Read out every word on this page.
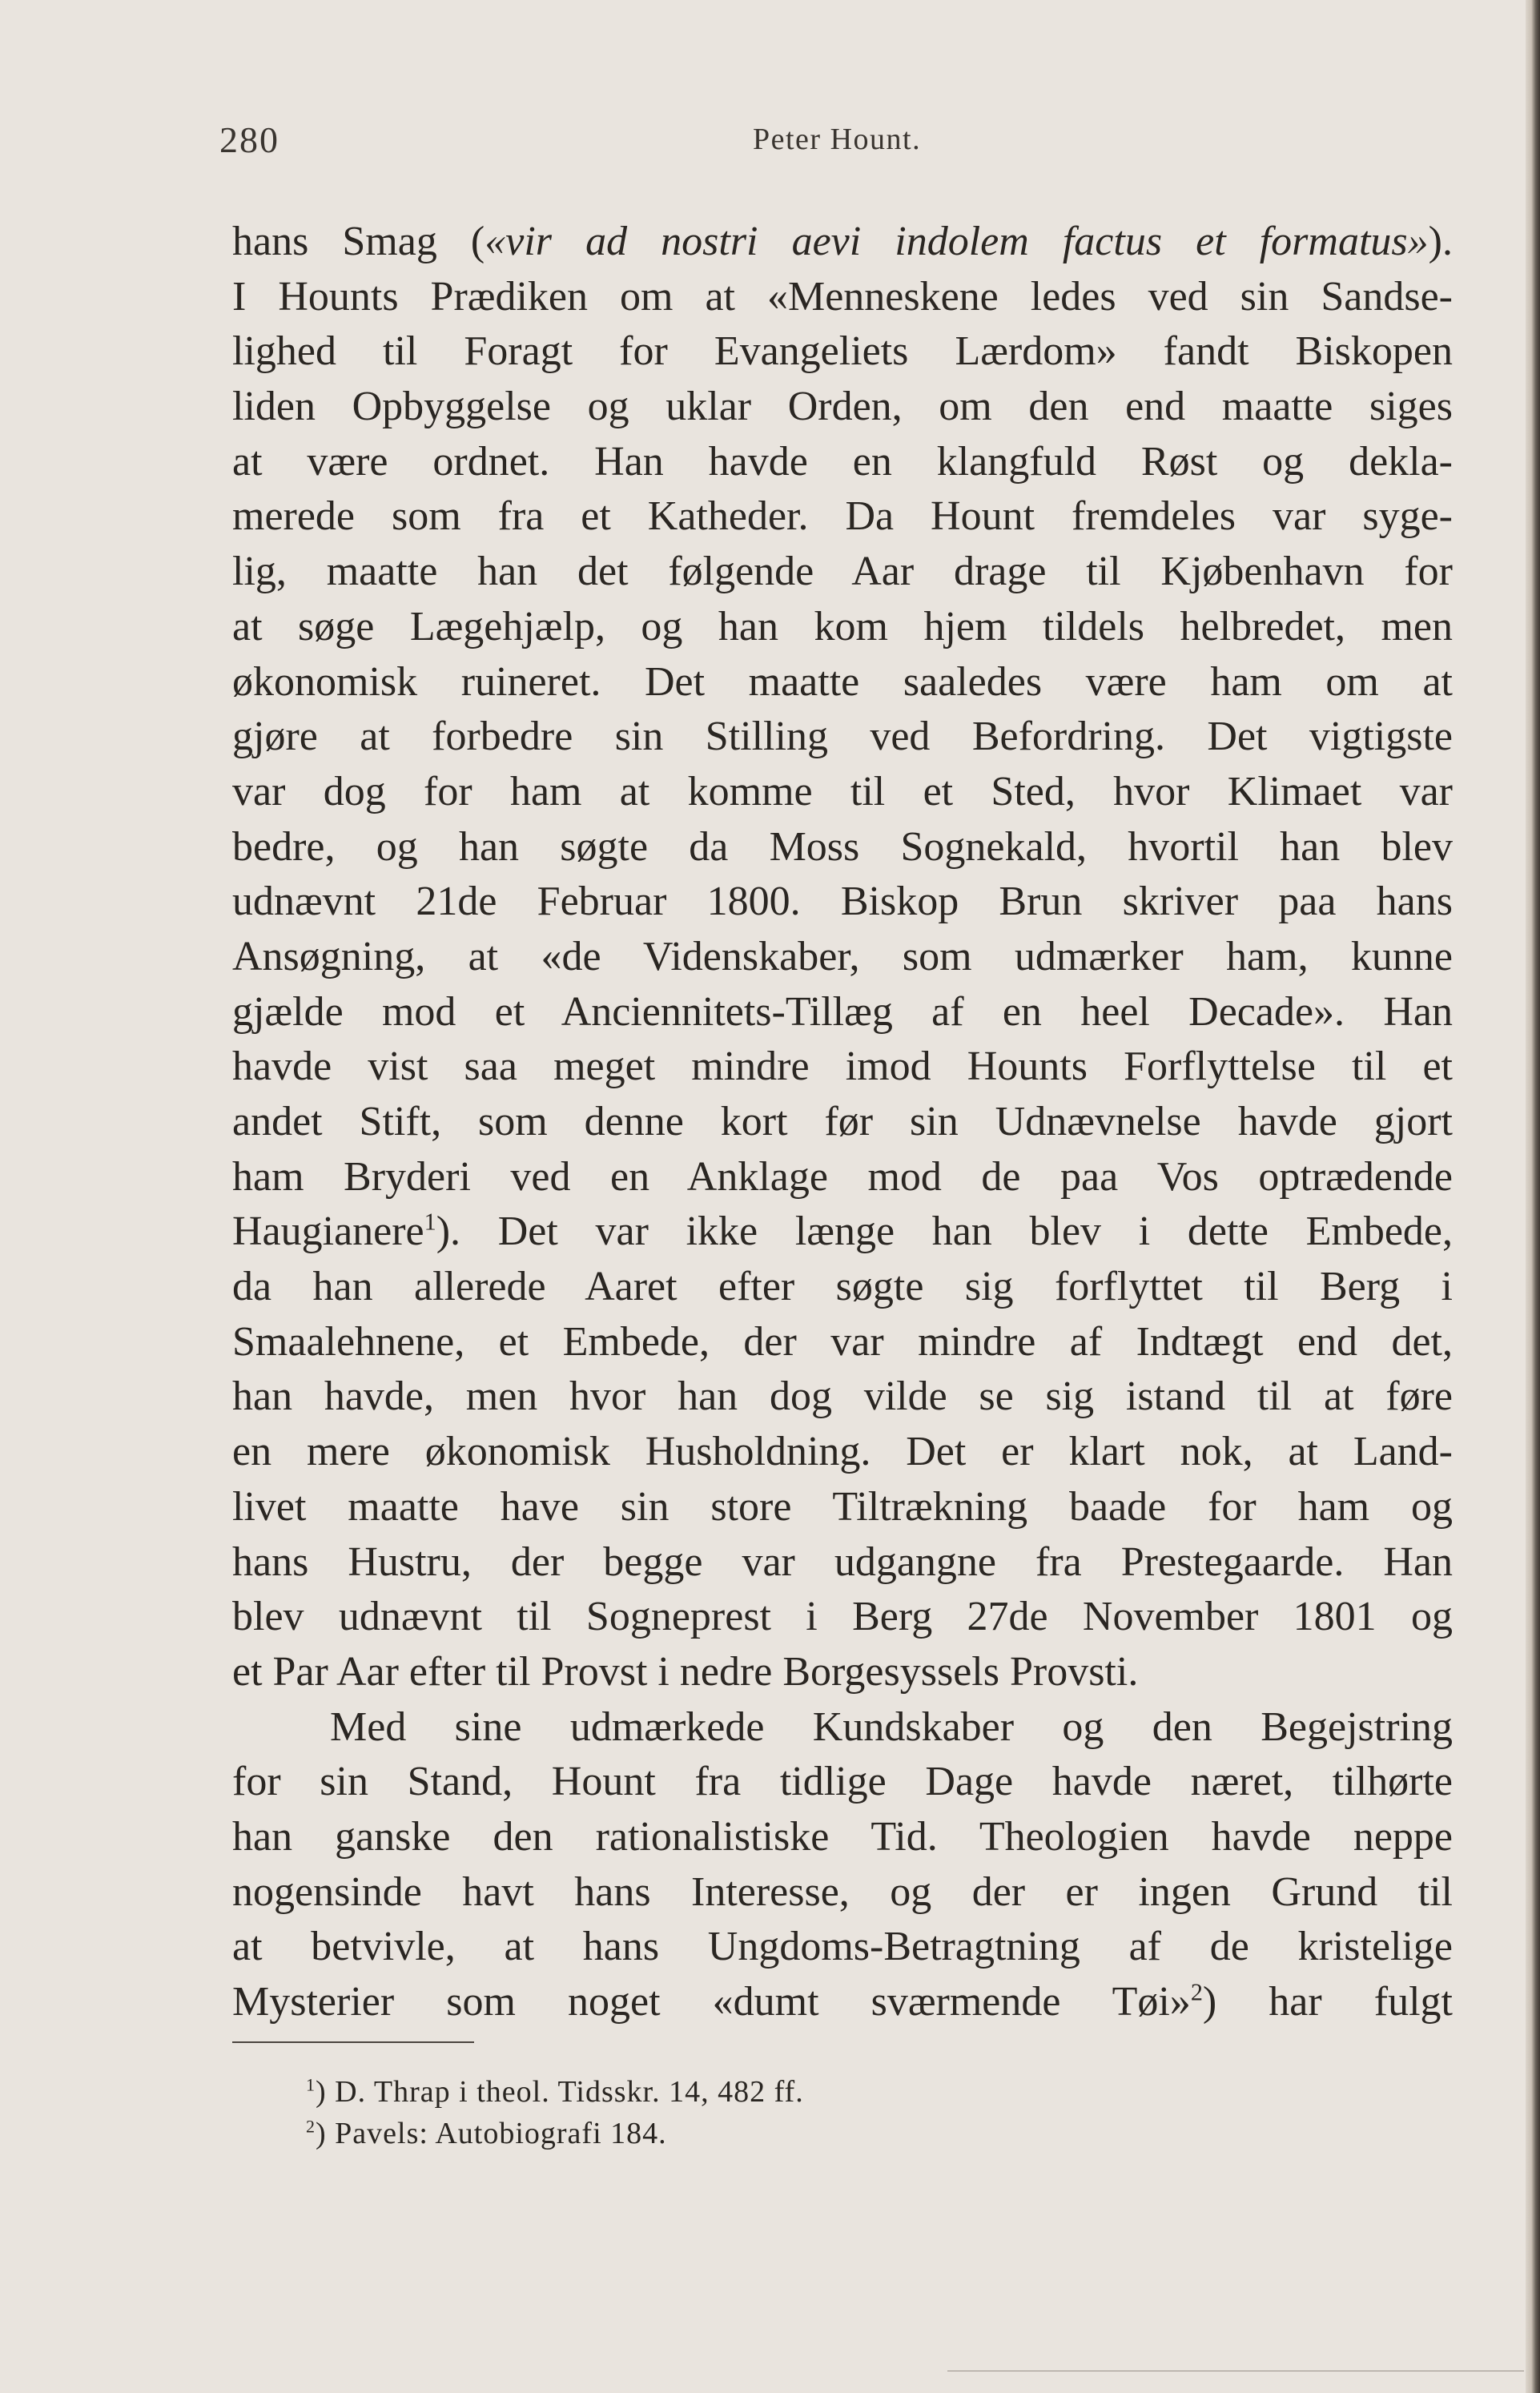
280	Peter Hount.
hans Smag («vir ad nostri aevi indolem factus et formatus»).
I Hounts Prædiken om at «Menneskene ledes ved sin Sandse-
lighed til Foragt for Evangeliets Lærdom» fandt Biskopen
liden Opbyggelse og uklar Orden, om den end maatte siges
at være ordnet. Han havde en klangfuld Røst og dekla-
merede som fra et Katheder. Da Hount fremdeles var syge-
lig, maatte han det følgende Aar drage til Kjøbenhavn for
at søge Lægehjælp, og han kom hjem tildels helbredet, men
økonomisk ruineret. Det maatte saaledes være ham om at
gjøre at forbedre sin Stilling ved Befordring. Det vigtigste
var dog for ham at komme til et Sted, hvor Klimaet var
bedre, og han søgte da Moss Sognekald, hvortil han blev
udnævnt 21de Februar 1800. Biskop Brun skriver paa hans
Ansøgning, at «de Videnskaber, som udmærker ham, kunne
gjælde mod et Anciennitets-Tillæg af en heel Decade». Han
havde vist saa meget mindre imod Hounts Forflyttelse til et
andet Stift, som denne kort før sin Udnævnelse havde gjort
ham Bryderi ved en Anklage mod de paa Vos optrædende
Haugianere$^1$). Det var ikke længe han blev i dette Embede,
da han allerede Aaret efter søgte sig forflyttet til Berg i
Smaalehnene, et Embede, der var mindre af Indtægt end det,
han havde, men hvor han dog vilde se sig istand til at føre
en mere økonomisk Husholdning. Det er klart nok, at Land-
livet maatte have sin store Tiltrækning baade for ham og
hans Hustru, der begge var udgangne fra Prestegaarde. Han
blev udnævnt til Sogneprest i Berg 27de November 1801 og
et Par Aar efter til Provst i nedre Borgesyssels Provsti.
Med sine udmærkede Kundskaber og den Begejstring
for sin Stand, Hount fra tidlige Dage havde næret, tilhørte
han ganske den rationalistiske Tid. Theologien havde neppe
nogensinde havt hans Interesse, og der er ingen Grund til
at betvivle, at hans Ungdoms-Betragtning af de kristelige
Mysterier som noget «dumt sværmende Tøi»$^2$) har fulgt
$^1$) D. Thrap i theol. Tidsskr. 14, 482 ff.
$^2$) Pavels: Autobiografi 184.
